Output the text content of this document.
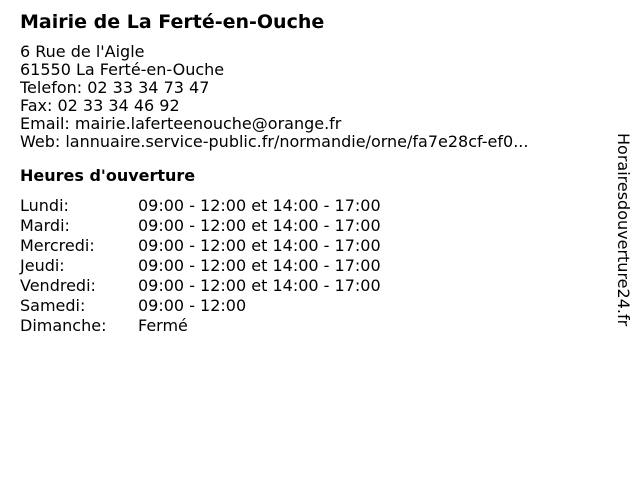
Mairie de La Ferté-en-Ouche

6 Rue de l'Aigle

61550 La Ferté-en-Ouche

Telefon: 02 33 34 73 47

Fax: 02 33 34 46 92

Email: mairie.laferteenouche@orange.fr

Web: lannuaire.service-public.fr/normandie/orne/fa7e28cf-ef0...

Heures d'ouverture
Lundi:	09:00 - 12:00 et 14:00 - 17:00
Mardi:	09:00 - 12:00 et 14:00 - 17:00
Mercredi:	09:00 - 12:00 et 14:00 - 17:00
Jeudi:	09:00 - 12:00 et 14:00 - 17:00
Vendredi:	09:00 - 12:00 et 14:00 - 17:00
Samedi:	09:00 - 12:00
Dimanche:	Fermé	Horairesdouverture24.fr
